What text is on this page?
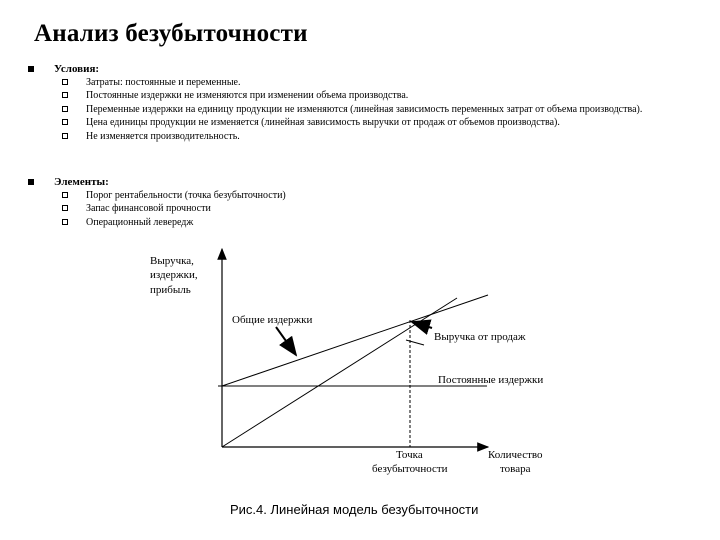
Анализ безубыточности
Условия:
Затраты: постоянные и переменные.
Постоянные издержки не изменяются при изменении объема производства.
Переменные издержки на единицу продукции не изменяются (линейная зависимость переменных затрат от объема производства).
Цена единицы продукции не изменяется (линейная зависимость выручки от продаж от объемов производства).
Не изменяется производительность.
Элементы:
Порог рентабельности (точка безубыточности)
Запас финансовой прочности
Операционный левередж
Выручка,
издержки,
прибыль
Постоянные издержки
Общие издержки
Выручка от продаж
Точка
безубыточности
Количество
товара
Рис.4. Линейная модель безубыточности
